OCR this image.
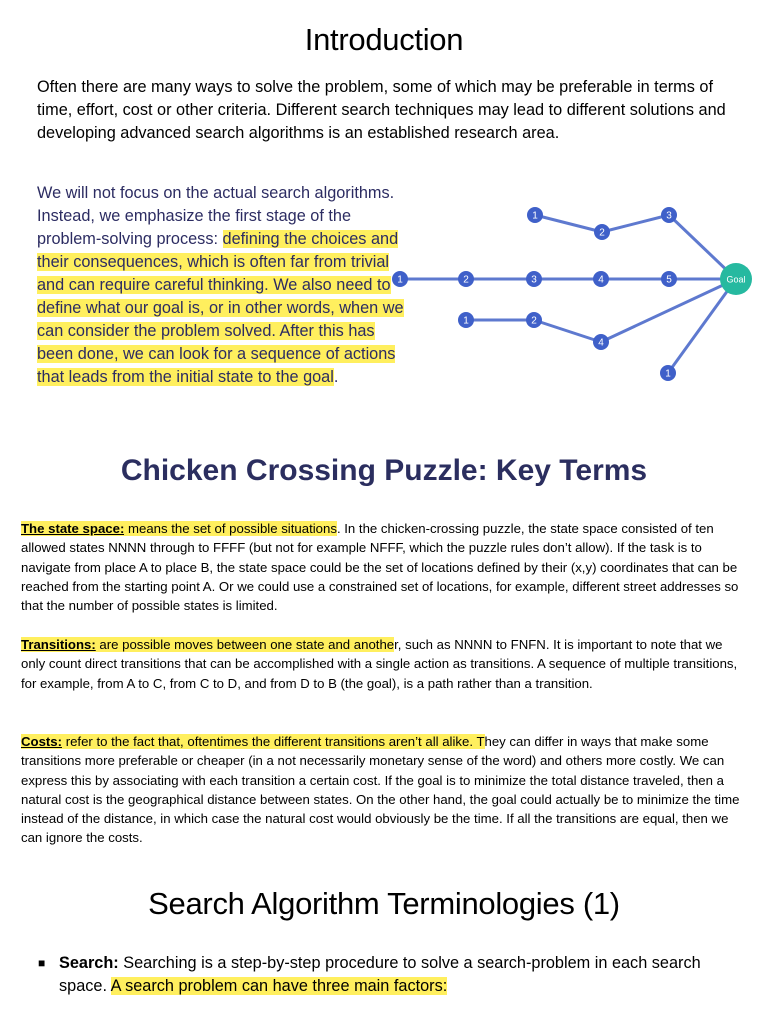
Introduction

Often there are many ways to solve the problem, some of which may be preferable in terms of time, effort, cost or other criteria. Different search techniques may lead to different solutions and developing advanced search algorithms is an established research area.

We will not focus on the actual search algorithms. Instead, we emphasize the first stage of the problem-solving process: defining the choices and their consequences, which is often far from trivial and can require careful thinking. We also need to define what our goal is, or in other words, when we can consider the problem solved. After this has been done, we can look for a sequence of actions that leads from the initial state to the goal.

1
2
3
1	2	3	4	5
1	2
4
1
Goal
Chicken Crossing Puzzle: Key Terms

The state space: means the set of possible situations. In the chicken-crossing puzzle, the state space consisted of ten allowed states NNNN through to FFFF (but not for example NFFF, which the puzzle rules don’t allow). If the task is to navigate from place A to place B, the state space could be the set of locations defined by their (x,y) coordinates that can be reached from the starting point A. Or we could use a constrained set of locations, for example, different street addresses so that the number of possible states is limited.

Transitions: are possible moves between one state and another, such as NNNN to FNFN. It is important to note that we only count direct transitions that can be accomplished with a single action as transitions. A sequence of multiple transitions, for example, from A to C, from C to D, and from D to B (the goal), is a path rather than a transition.

Costs: refer to the fact that, oftentimes the different transitions aren’t all alike. They can differ in ways that make some transitions more preferable or cheaper (in a not necessarily monetary sense of the word) and others more costly. We can express this by associating with each transition a certain cost. If the goal is to minimize the total distance traveled, then a natural cost is the geographical distance between states. On the other hand, the goal could actually be to minimize the time instead of the distance, in which case the natural cost would obviously be the time. If all the transitions are equal, then we can ignore the costs.

Search Algorithm Terminologies (1)
■ Search: Searching is a step-by-step procedure to solve a search-problem in each search space. A search problem can have three main factors:
